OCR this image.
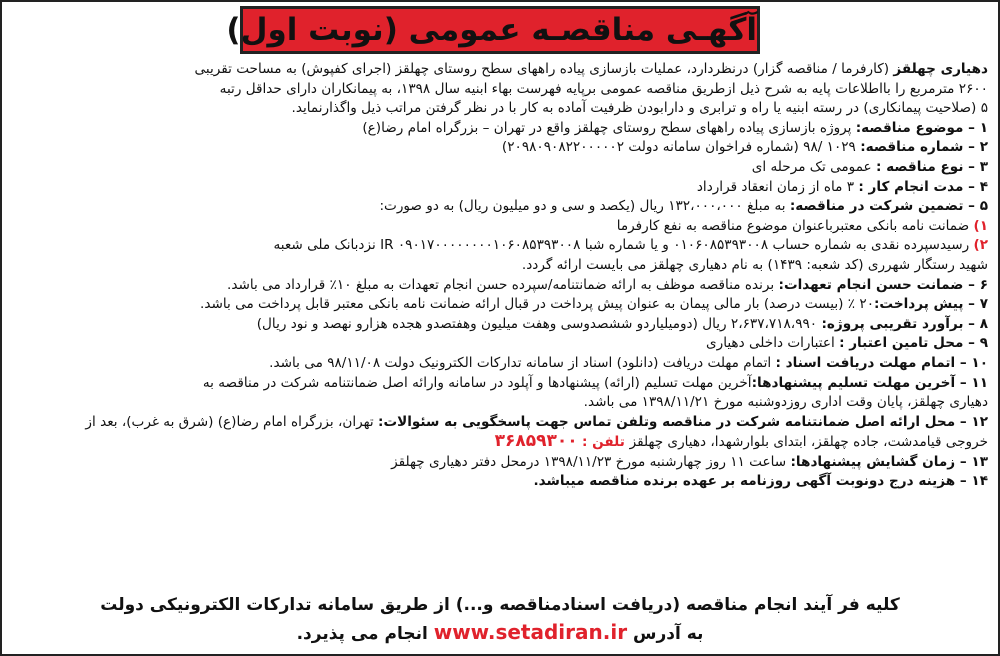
آگهـی مناقصـه عمومی (نوبت اول)

دهیاری چهلقز (کارفرما / مناقصه گزار) درنظردارد، عملیات بازسازی پیاده راههای سطح روستای چهلقز (اجرای کفپوش) به مساحت تقریبی

۲۶۰۰ مترمربع را بااطلاعات پایه به شرح ذیل ازطریق مناقصه عمومی برپایه فهرست بهاء ابنیه سال ۱۳۹۸، به پیمانکاران دارای حداقل رتبه

۵ (صلاحیت پیمانکاری) در رسته ابنیه یا راه و ترابری و دارابودن ظرفیت آماده به کار با در نظر گرفتن مراتب ذیل واگذارنماید.

۱ – موضوع مناقصه: پروژه بازسازی پیاده راههای سطح روستای چهلقز واقع در تهران – بزرگراه امام رضا(ع)

۲ – شماره مناقصه: ۱۰۲۹ /۹۸ (شماره فراخوان سامانه دولت ۲۰۹۸۰۹۰۸۲۲۰۰۰۰۰۲)

۳ – نوع مناقصه : عمومی تک مرحله ای

۴ – مدت انجام کار : ۳ ماه از زمان انعقاد قرارداد

۵ – تضمین شرکت در مناقصه: به مبلغ ۱۳۲،۰۰۰،۰۰۰ ریال (یکصد و سی و دو میلیون ریال) به دو صورت:

۱) ضمانت نامه بانکی معتبرباعنوان موضوع مناقصه به نفع کارفرما

۲) رسیدسپرده نقدی به شماره حساب ۰۱۰۶۰۸۵۳۹۳۰۰۸ و یا شماره شبا IR ۰۹۰۱۷۰۰۰۰۰۰۰۰۱۰۶۰۸۵۳۹۳۰۰۸ نزدبانک ملی شعبه

شهید رستگار شهرری (کد شعبه: ۱۴۳۹) به نام دهیاری چهلقز می بایست ارائه گردد.

۶ – ضمانت حسن انجام تعهدات: برنده مناقصه موظف به ارائه ضمانتنامه/سپرده حسن انجام تعهدات به مبلغ ۱۰٪ قرارداد می باشد.

۷ – پیش پرداخت:۲۰ ٪ (بیست درصد) بار مالی پیمان به عنوان پیش پرداخت در قبال ارائه ضمانت نامه بانکی معتبر قابل پرداخت می باشد.

۸ – برآورد تقریبی پروژه: ۲،۶۳۷،۷۱۸،۹۹۰ ریال (دومیلیاردو ششصدوسی وهفت میلیون وهفتصدو هجده هزارو نهصد و نود ریال)

۹ – محل تامین اعتبار : اعتبارات داخلی دهیاری

۱۰ – اتمام مهلت دریافت اسناد : اتمام مهلت دریافت (دانلود) اسناد از سامانه تدارکات الکترونیک دولت ۹۸/۱۱/۰۸ می باشد.

۱۱ – آخرین مهلت تسلیم پیشنهادها:آخرین مهلت تسلیم (ارائه) پیشنهادها و آپلود در سامانه وارائه اصل ضمانتنامه شرکت در مناقصه به

دهیاری چهلقز، پایان وقت اداری روزدوشنبه مورخ ۱۳۹۸/۱۱/۲۱ می باشد.

۱۲ – محل ارائه اصل ضمانتنامه شرکت در مناقصه وتلفن تماس جهت پاسخگویی به سئوالات: تهران، بزرگراه امام رضا(ع) (شرق به غرب)، بعد از

خروجی قیامدشت، جاده چهلقز، ابتدای بلوارشهدا، دهیاری چهلقز تلفن : ۳۶۸۵۹۳۰۰

۱۳ – زمان گشایش پیشنهادها: ساعت ۱۱ روز چهارشنبه مورخ ۱۳۹۸/۱۱/۲۳ درمحل دفتر دهیاری چهلقز

۱۴ – هزینه درج دونوبت آگهی روزنامه بر عهده برنده مناقصه میباشد.

کلیه فر آیند انجام مناقصه (دریافت اسنادمناقصه و...) از طریق سامانه تدارکات الکترونیکی دولت
به آدرس www.setadiran.ir انجام می پذیرد.
